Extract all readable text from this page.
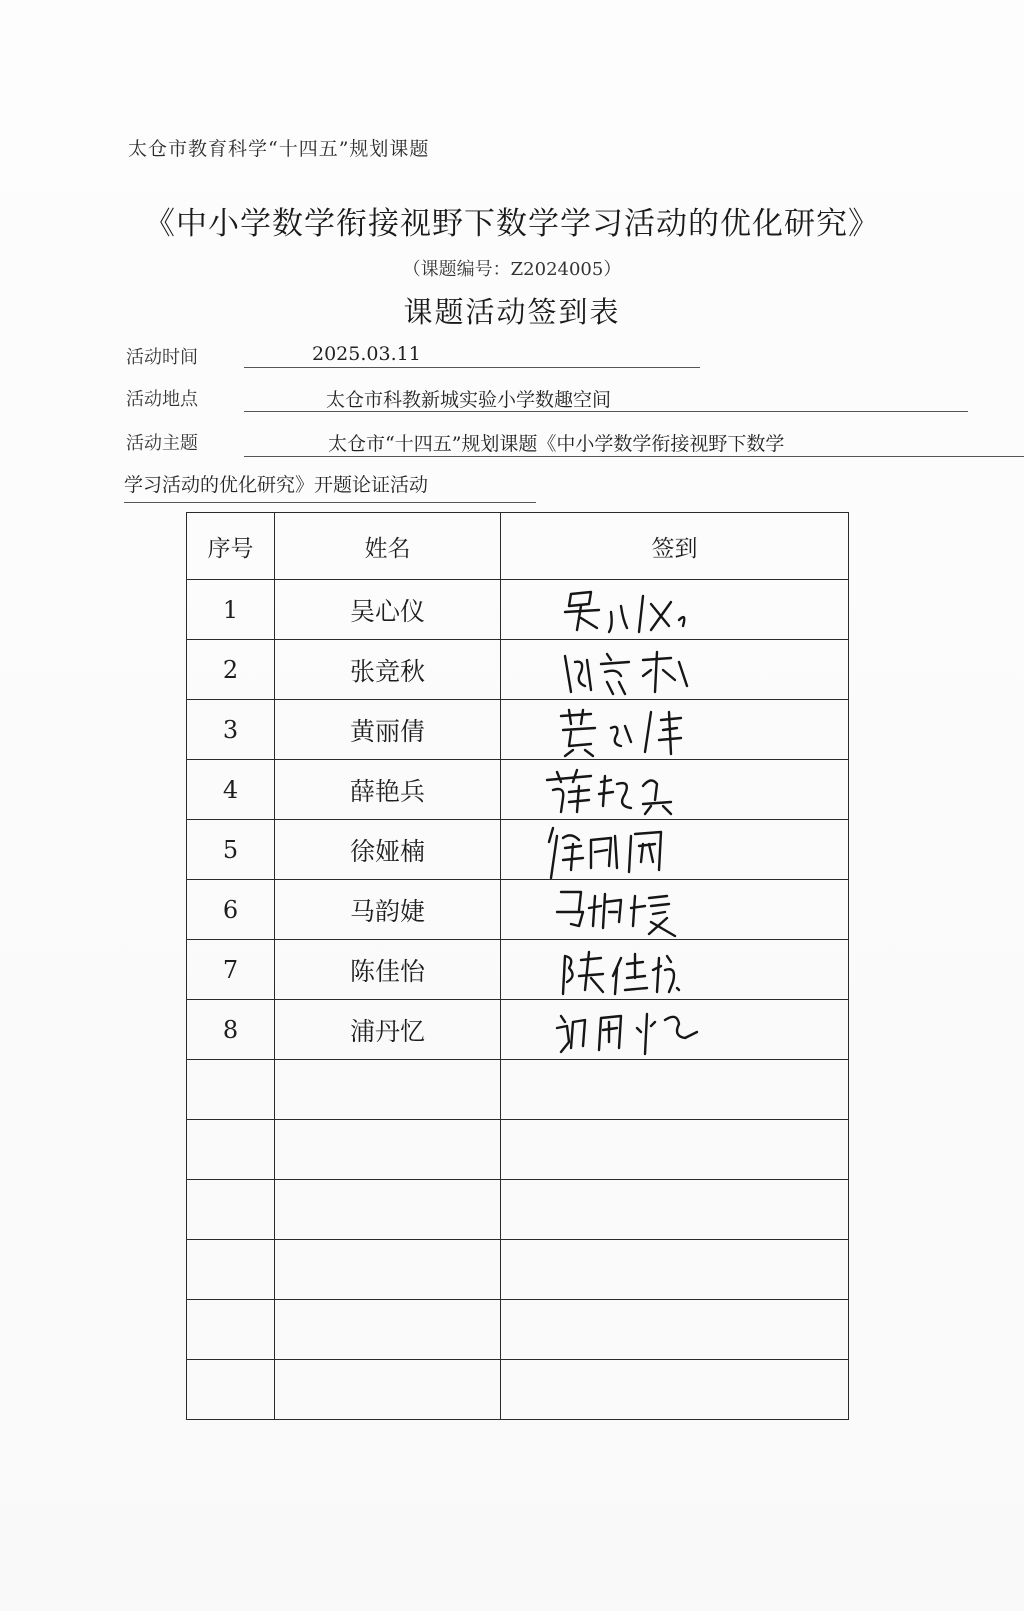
太仓市教育科学“十四五”规划课题
《中小学数学衔接视野下数学学习活动的优化研究》
（课题编号：Z2024005）
课题活动签到表
活动时间	2025.03.11
活动地点	太仓市科教新城实验小学数趣空间
活动主题	太仓市“十四五”规划课题《中小学数学衔接视野下数学
学习活动的优化研究》开题论证活动
序号	姓名	签到
1	吴心仪	

2	张竞秋	

3	黄丽倩	

4	薛艳兵	

5	徐娅楠	

6	马韵婕	

7	陈佳怡	

8	浦丹忆	
